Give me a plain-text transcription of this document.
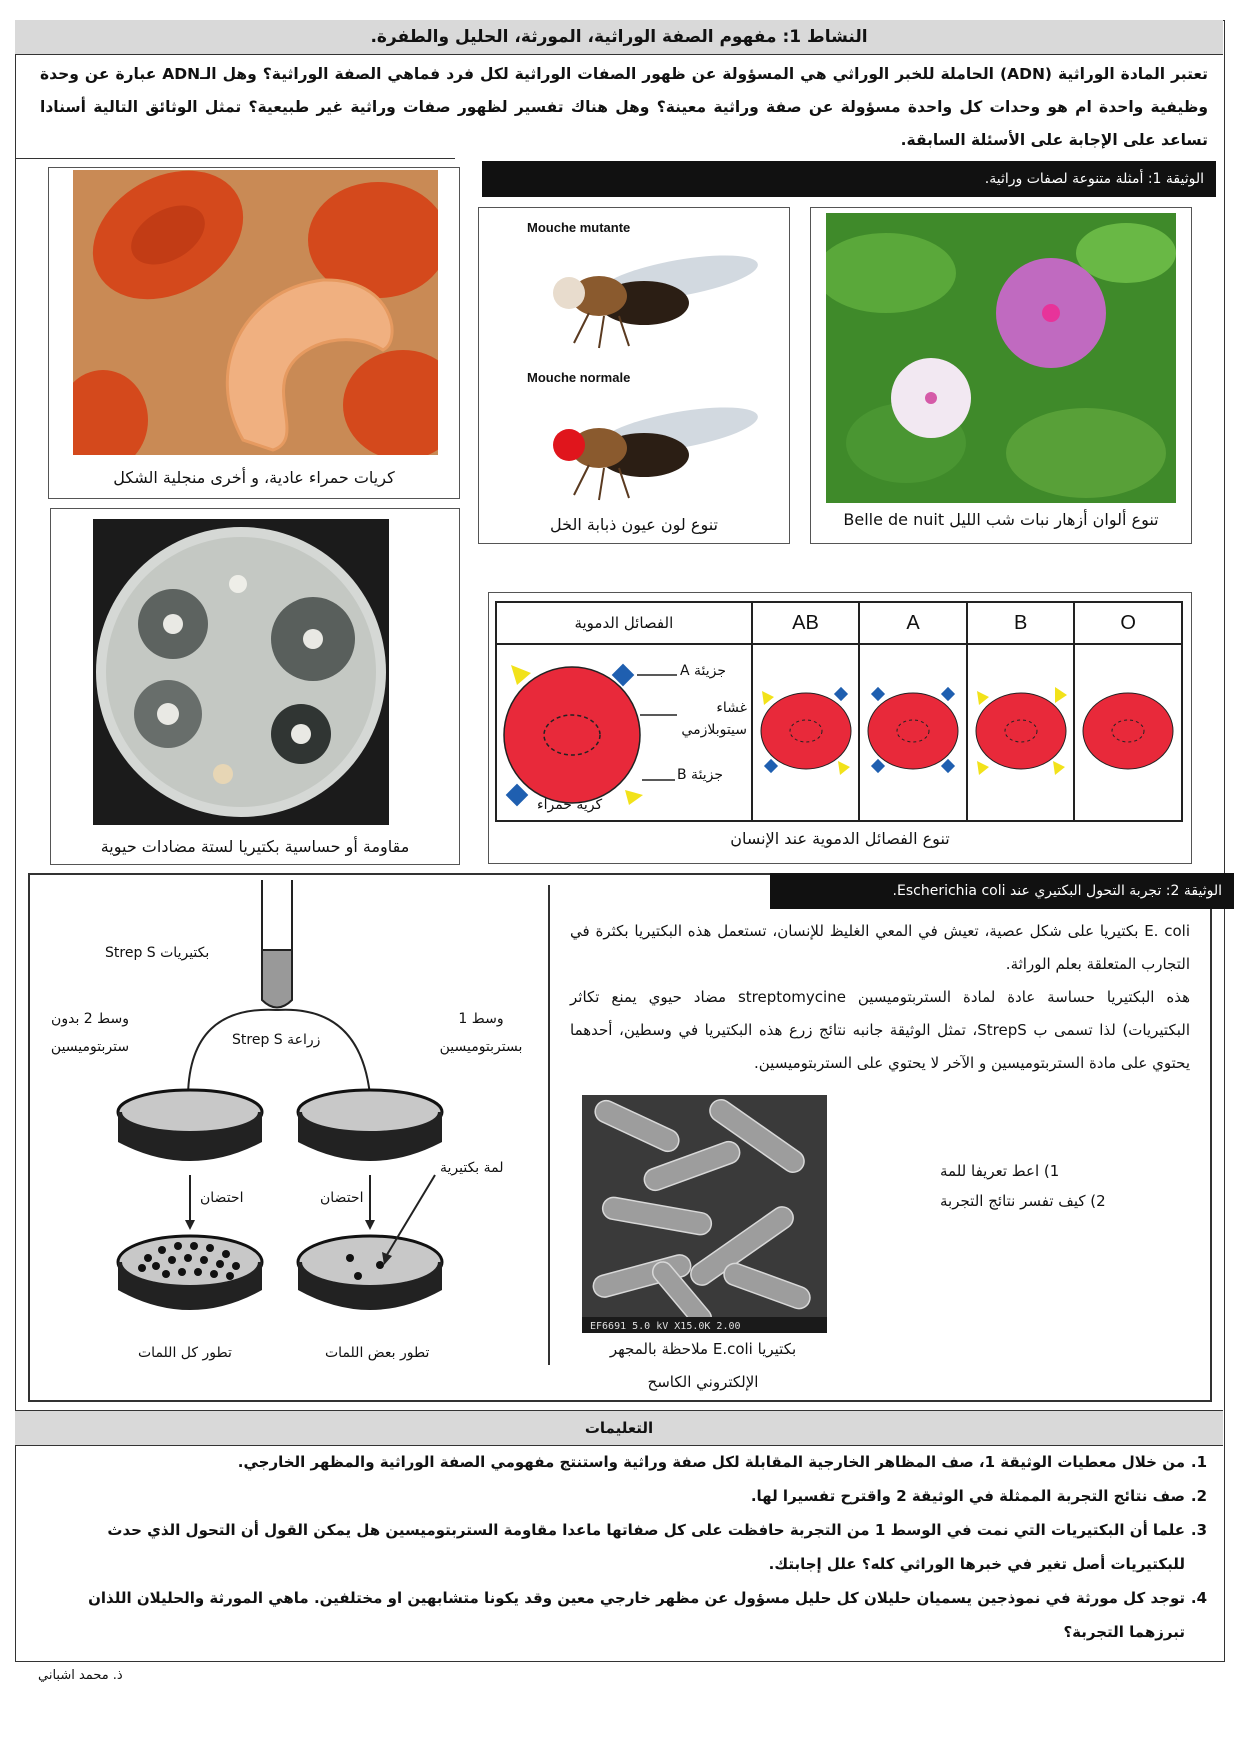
النشاط 1: مفهوم الصفة الوراثية، المورثة، الحليل والطفرة.
تعتبر المادة الوراثية (ADN) الحاملة للخبر الوراثي هي المسؤولة عن ظهور الصفات الوراثية لكل فرد فماهي الصفة الوراثية؟ وهل الـADN عبارة عن وحدة وظيفية واحدة ام هو وحدات كل واحدة مسؤولة عن صفة وراثية معينة؟ وهل هناك تفسير لظهور صفات وراثية غير طبيعية؟ تمثل الوثائق التالية أسنادا تساعد على الإجابة على الأسئلة السابقة.
الوثيقة 1: أمثلة متنوعة لصفات وراثية.
كريات حمراء عادية، و أخرى منجلية الشكل
Mouche mutante
Mouche normale
تنوع لون عيون ذبابة الخل	تنوع ألوان أزهار نبات شب الليل Belle de nuit
مقاومة أو حساسية بكتيريا لستة مضادات حيوية
الفصائل الدموية	AB	A	B	O

جزيئة A
غشاء سيتوبلازمي
جزيئة B
كرية حمراء

تنوع الفصائل الدموية عند الإنسان
الوثيقة 2: تجربة التحول البكتيري عند Escherichia coli.
بكتيريات Strep S
زراعة Strep S
وسط 1 بستربتوميسين
وسط 2 بدون ستربتوميسين
احتضان	احتضان
لمة بكتيرية
تطور بعض اللمات
تطور كل اللمات
E. coli بكتيريا على شكل عصية، تعيش في المعي الغليظ للإنسان، تستعمل هذه البكتيريا بكثرة في التجارب المتعلقة بعلم الوراثة.
هذه البكتيريا حساسة عادة لمادة الستربتوميسين streptomycine مضاد حيوي يمنع تكاثر البكتيريات) لذا تسمى ب StrepS، تمثل الوثيقة جانبه نتائج زرع هذه البكتيريا في وسطين، أحدهما يحتوي على مادة الستربتوميسين و الآخر لا يحتوي على الستربتوميسين.
1) اعط تعريفا للمة
2) كيف تفسر نتائج التجربة
EF6691 5.0 kV X15.0K 2.00
بكتيريا E.coli ملاحظة بالمجهر الإلكتروني الكاسح
التعليمات
1.
من خلال معطيات الوثيقة 1، صف المظاهر الخارجية المقابلة لكل صفة وراثية واستنتج مفهومي الصفة الوراثية والمظهر الخارجي.
2.
صف نتائج التجربة الممثلة في الوثيقة 2 واقترح تفسيرا لها.
3.
علما أن البكتيريات التي نمت في الوسط 1 من التجربة حافظت على كل صفاتها ماعدا مقاومة الستربتوميسين هل يمكن القول أن التحول الذي حدث للبكتيريات أصل تغير في خبرها الوراثي كله؟ علل إجابتك.
4.
توجد كل مورثة في نموذجين يسميان حليلان كل حليل مسؤول عن مظهر خارجي معين وقد يكونا متشابهين او مختلفين. ماهي المورثة والحليلان اللذان تبرزهما التجربة؟
ذ. محمد اشباني
